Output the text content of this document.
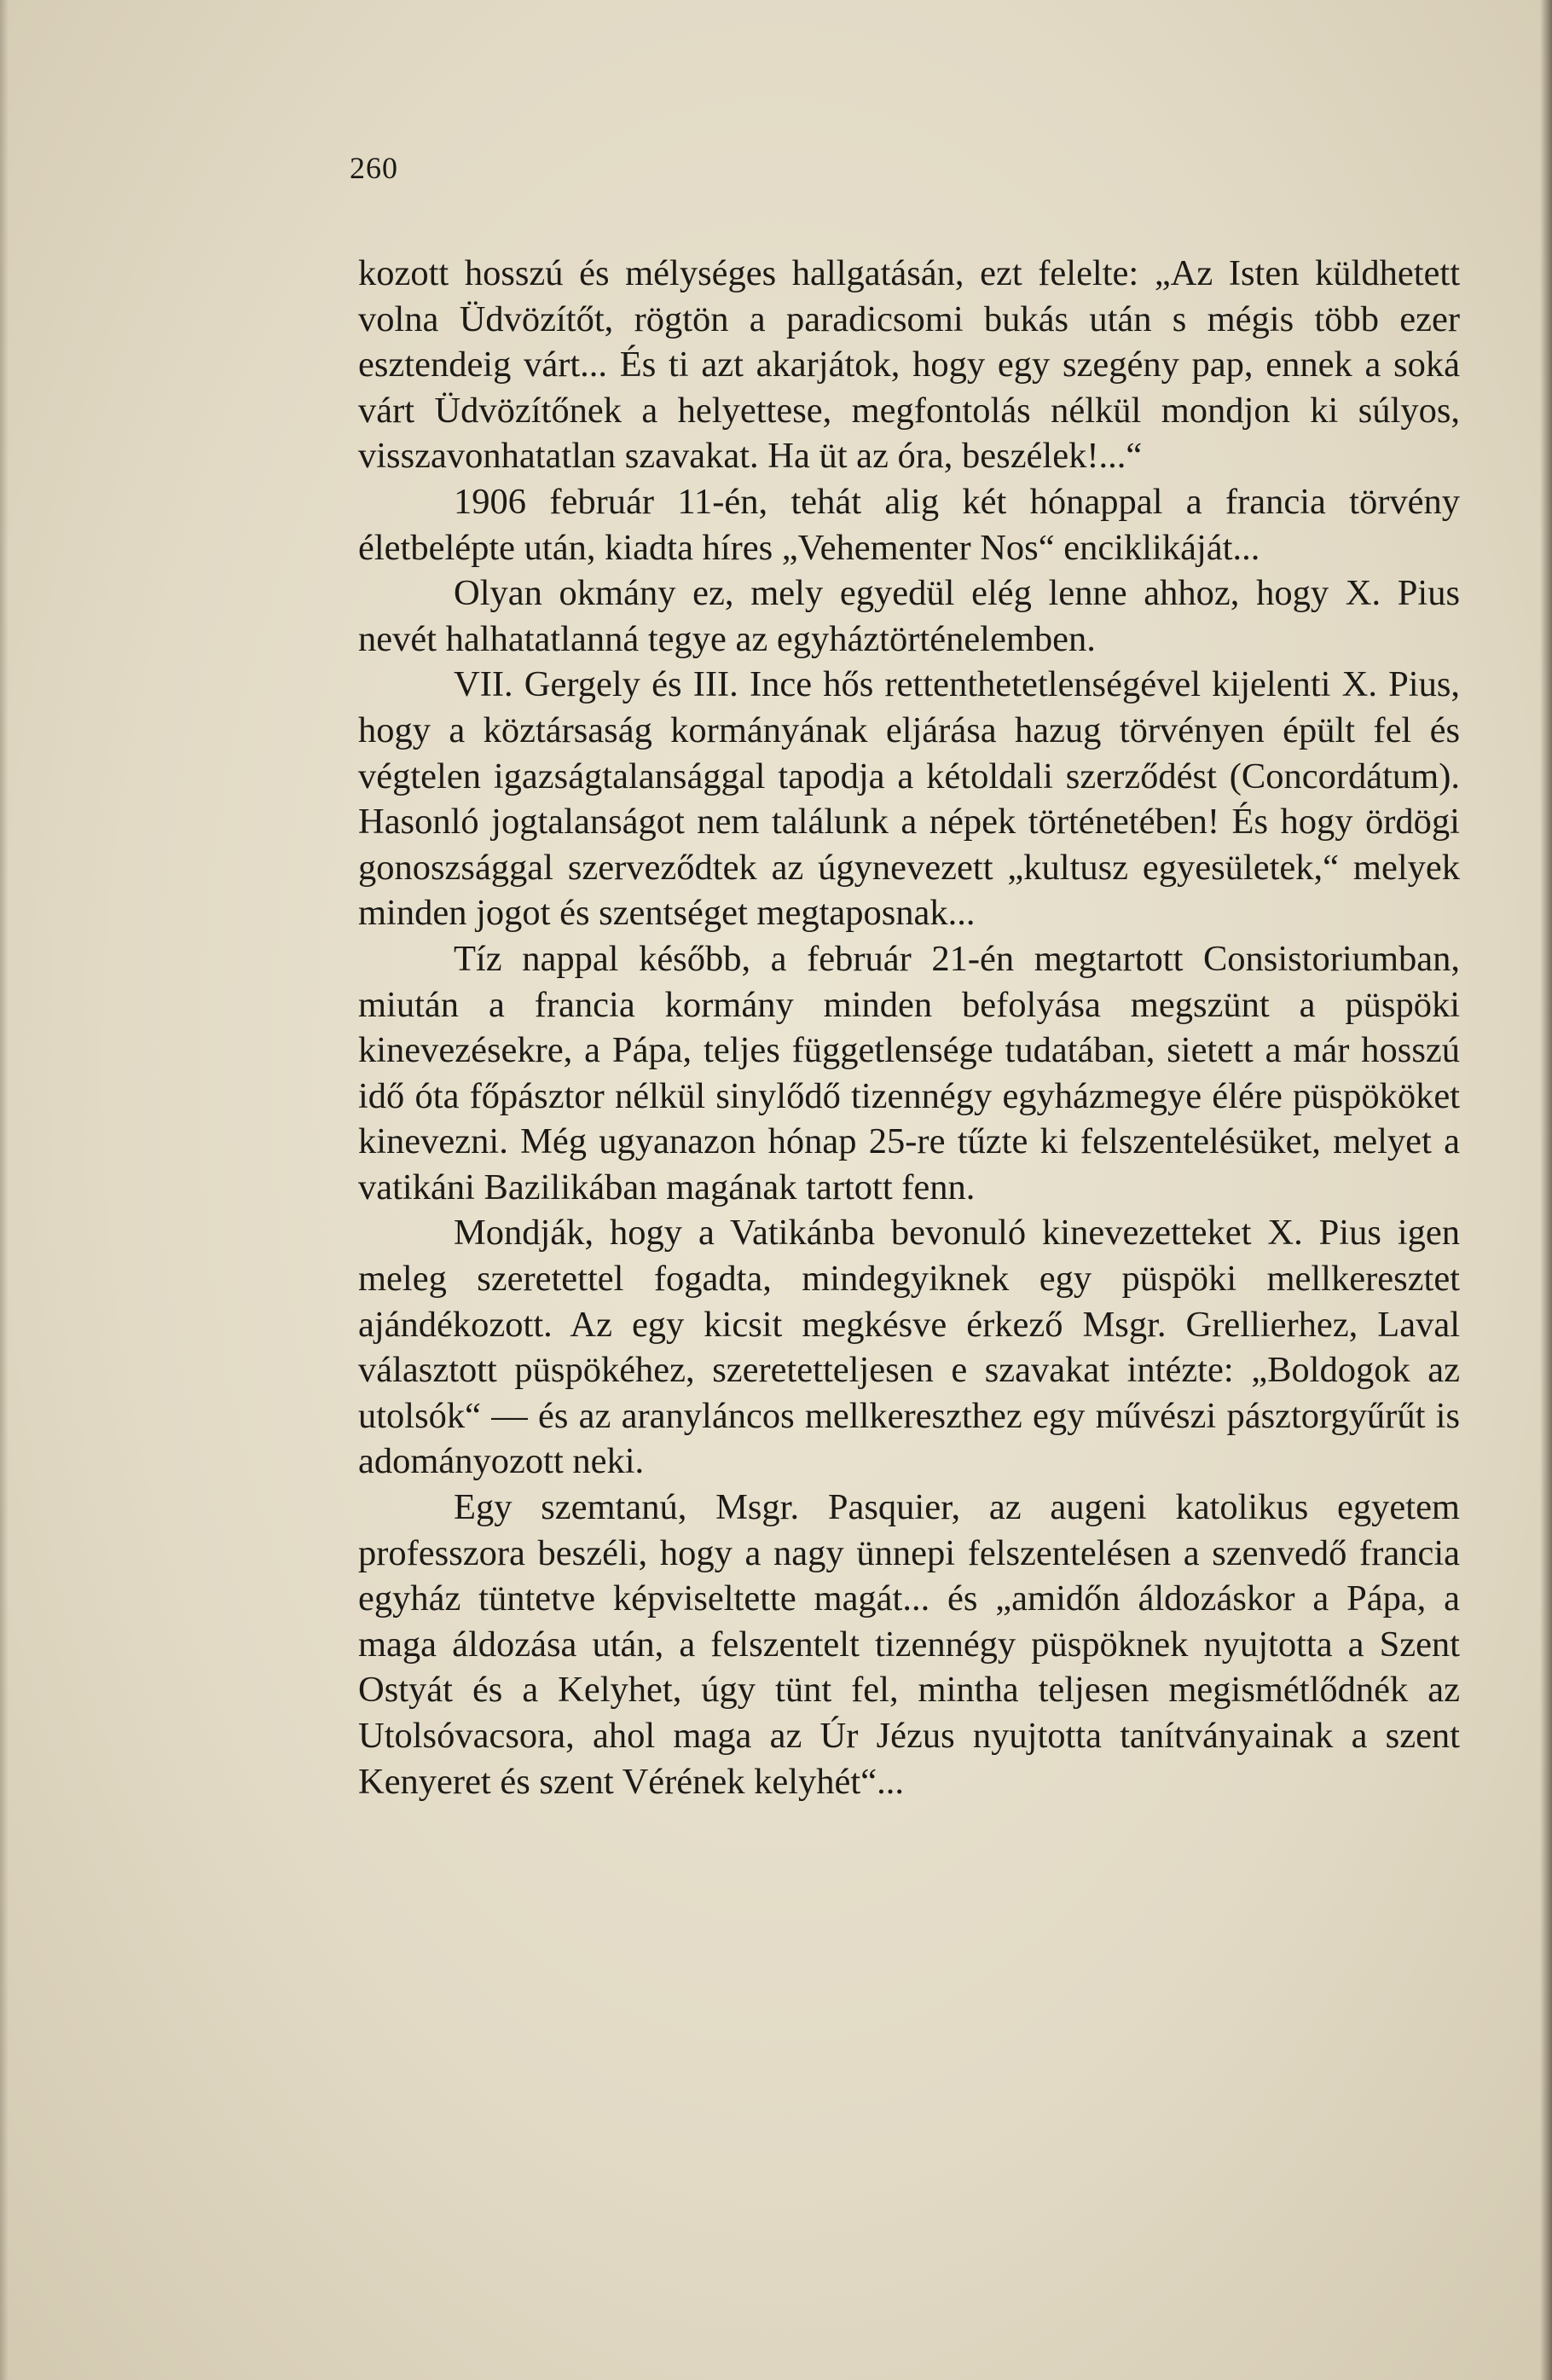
260

kozott hosszú és mélységes hallgatásán, ezt felelte: „Az Isten küldhetett volna Üdvözítőt, rögtön a paradicsomi bukás után s mégis több ezer esztendeig várt... És ti azt akarjátok, hogy egy szegény pap, ennek a soká várt Üdvözítőnek a helyettese, megfontolás nélkül mondjon ki súlyos, visszavonhatatlan szavakat. Ha üt az óra, beszélek!...“

1906 február 11-én, tehát alig két hónappal a francia törvény életbelépte után, kiadta híres „Vehementer Nos“ enciklikáját...

Olyan okmány ez, mely egyedül elég lenne ahhoz, hogy X. Pius nevét halhatatlanná tegye az egyháztörténelemben.

VII. Gergely és III. Ince hős rettenthetetlenségével kijelenti X. Pius, hogy a köztársaság kormányának eljárása hazug törvényen épült fel és végtelen igazságtalansággal tapodja a kétoldali szerződést (Concordátum). Hasonló jogtalanságot nem találunk a népek történetében! És hogy ördögi gonoszsággal szerveződtek az úgynevezett „kultusz egyesületek,“ melyek minden jogot és szentséget megtaposnak...

Tíz nappal később, a február 21-én megtartott Consistoriumban, miután a francia kormány minden befolyása megszünt a püspöki kinevezésekre, a Pápa, teljes függetlensége tudatában, sietett a már hosszú idő óta főpásztor nélkül sinylődő tizennégy egyházmegye élére püspököket kinevezni. Még ugyanazon hónap 25-re tűzte ki felszentelésüket, melyet a vatikáni Bazilikában magának tartott fenn.

Mondják, hogy a Vatikánba bevonuló kinevezetteket X. Pius igen meleg szeretettel fogadta, mindegyiknek egy püspöki mellkeresztet ajándékozott. Az egy kicsit megkésve érkező Msgr. Grellierhez, Laval választott püspökéhez, szeretetteljesen e szavakat intézte: „Boldogok az utolsók“ — és az aranyláncos mellkereszthez egy művészi pásztorgyűrűt is adományozott neki.

Egy szemtanú, Msgr. Pasquier, az augeni katolikus egyetem professzora beszéli, hogy a nagy ünnepi felszentelésen a szenvedő francia egyház tüntetve képviseltette magát... és „amidőn áldozáskor a Pápa, a maga áldozása után, a felszentelt tizennégy püspöknek nyujtotta a Szent Ostyát és a Kelyhet, úgy tünt fel, mintha teljesen megismétlődnék az Utolsóvacsora, ahol maga az Úr Jézus nyujtotta tanítványainak a szent Kenyeret és szent Vérének kelyhét“...
